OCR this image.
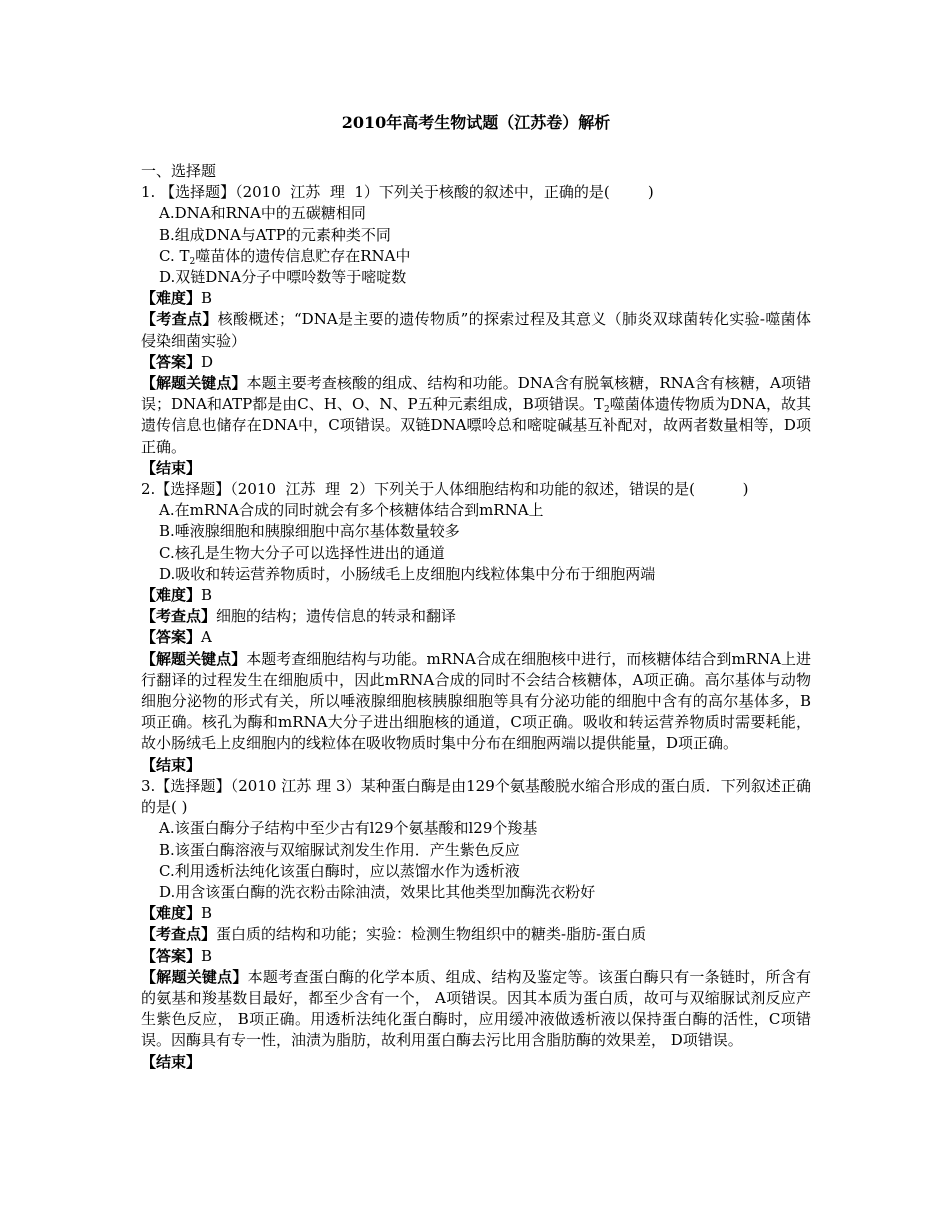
2010年高考生物试题（江苏卷）解析

一、选择题

1. 【选择题】（2010  江苏  理  1）下列关于核酸的叙述中，正确的是(        )

A.DNA和RNA中的五碳糖相同

B.组成DNA与ATP的元素种类不同

C. $T_2$噬苗体的遗传信息贮存在RNA中

D.双链DNA分子中嘌呤数等于嘧啶数

【难度】B

【考查点】核酸概述；“DNA是主要的遗传物质”的探索过程及其意义（肺炎双球菌转化实验-噬菌体侵染细菌实验）

【答案】D

【解题关键点】本题主要考查核酸的组成、结构和功能。DNA含有脱氧核糖，RNA含有核糖，A项错误；DNA和ATP都是由C、H、O、N、P五种元素组成，B项错误。$T_2$噬菌体遗传物质为DNA，故其遗传信息也储存在DNA中，C项错误。双链DNA嘌呤总和嘧啶碱基互补配对，故两者数量相等，D项正确。

【结束】

2.【选择题】（2010  江苏  理  2）下列关于人体细胞结构和功能的叙述，错误的是(          )

A.在mRNA合成的同时就会有多个核糖体结合到mRNA上

B.唾液腺细胞和胰腺细胞中高尔基体数量较多

C.核孔是生物大分子可以选择性进出的通道

D.吸收和转运营养物质时，小肠绒毛上皮细胞内线粒体集中分布于细胞两端

【难度】B

【考查点】细胞的结构；遗传信息的转录和翻译

【答案】A

【解题关键点】本题考查细胞结构与功能。mRNA合成在细胞核中进行，而核糖体结合到mRNA上进行翻译的过程发生在细胞质中，因此mRNA合成的同时不会结合核糖体，A项正确。高尔基体与动物细胞分泌物的形式有关，所以唾液腺细胞核胰腺细胞等具有分泌功能的细胞中含有的高尔基体多，B项正确。核孔为酶和mRNA大分子进出细胞核的通道，C项正确。吸收和转运营养物质时需要耗能，故小肠绒毛上皮细胞内的线粒体在吸收物质时集中分布在细胞两端以提供能量，D项正确。

【结束】

3.【选择题】（2010 江苏 理 3）某种蛋白酶是由129个氨基酸脱水缩合形成的蛋白质．下列叙述正确的是( )

A.该蛋白酶分子结构中至少古有l29个氨基酸和l29个羧基

B.该蛋白酶溶液与双缩脲试剂发生作用．产生紫色反应

C.利用透析法纯化该蛋白酶时，应以蒸馏水作为透析液

D.用含该蛋白酶的洗衣粉击除油渍，效果比其他类型加酶洗衣粉好

【难度】B

【考查点】蛋白质的结构和功能；实验：检测生物组织中的糖类-脂肪-蛋白质

【答案】B

【解题关键点】本题考查蛋白酶的化学本质、组成、结构及鉴定等。该蛋白酶只有一条链时，所含有的氨基和羧基数目最好，都至少含有一个， A项错误。因其本质为蛋白质，故可与双缩脲试剂反应产生紫色反应， B项正确。用透析法纯化蛋白酶时，应用缓冲液做透析液以保持蛋白酶的活性，C项错误。因酶具有专一性，油渍为脂肪，故利用蛋白酶去污比用含脂肪酶的效果差， D项错误。

【结束】
